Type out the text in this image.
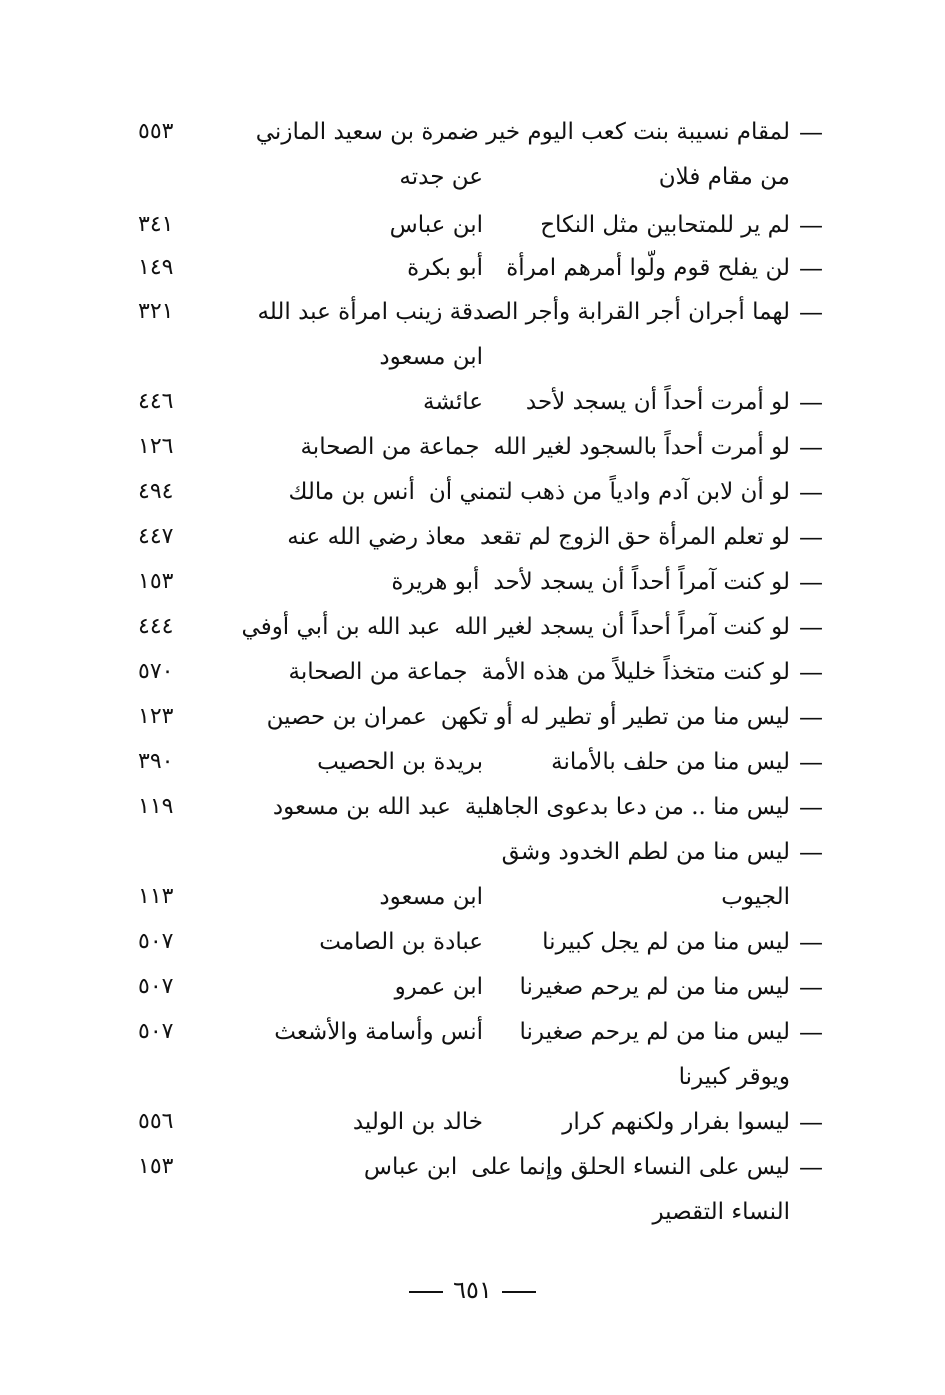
—
لمقام نسيبة بنت كعب اليوم خير ضمرة بن سعيد المازني
٥٥٣
من مقام فلان
عن جدته
—
لم ير للمتحابين مثل النكاح
ابن عباس
٣٤١
—
لن يفلح قوم ولّوا أمرهم امرأة
أبو بكرة
١٤٩
—
لهما أجران أجر القرابة وأجر الصدقة زينب امرأة عبد الله
٣٢١
ابن مسعود
—
لو أمرت أحداً أن يسجد لأحد
عائشة
٤٤٦
—
لو أمرت أحداً بالسجود لغير الله
جماعة من الصحابة
١٢٦
—
لو أن لابن آدم وادياً من ذهب لتمني أن
أنس بن مالك
٤٩٤
—
لو تعلم المرأة حق الزوج لم تقعد
معاذ رضي الله عنه
٤٤٧
—
لو كنت آمراً أحداً أن يسجد لأحد
أبو هريرة
١٥٣
—
لو كنت آمراً أحداً أن يسجد لغير الله
عبد الله بن أبي أوفي
٤٤٤
—
لو كنت متخذاً خليلاً من هذه الأمة
جماعة من الصحابة
٥٧٠
—
ليس منا من تطير أو تطير له أو تكهن
عمران بن حصين
١٢٣
—
ليس منا من حلف بالأمانة
بريدة بن الحصيب
٣٩٠
—
ليس منا .. من دعا بدعوى الجاهلية
عبد الله بن مسعود
١١٩
—
ليس منا من لطم الخدود وشق
الجيوب
ابن مسعود
١١٣
—
ليس منا من لم يجل كبيرنا
عبادة بن الصامت
٥٠٧
—
ليس منا من لم يرحم صغيرنا
ابن عمرو
٥٠٧
—
ليس منا من لم يرحم صغيرنا
أنس وأسامة والأشعث
٥٠٧
ويوقر كبيرنا
—
ليسوا بفرار ولكنهم كرار
خالد بن الوليد
٥٥٦
—
ليس على النساء الحلق وإنما على
ابن عباس
١٥٣
النساء التقصير
٦٥١
